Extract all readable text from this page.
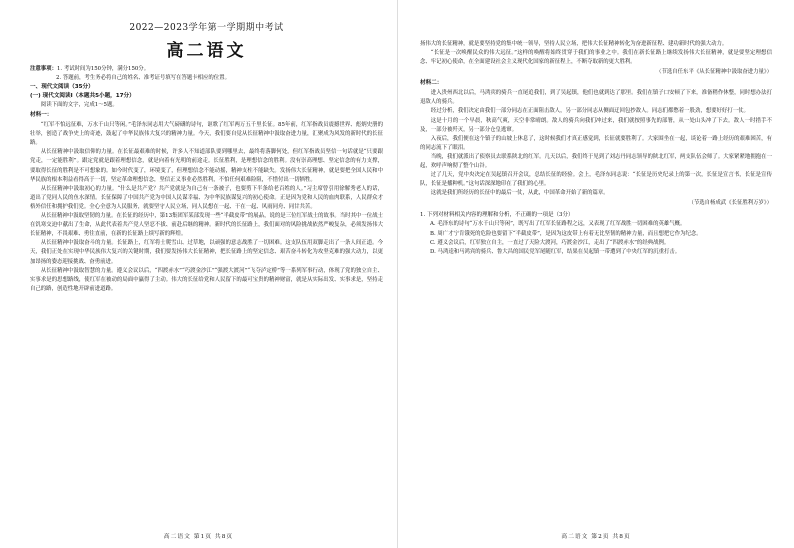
2022—2023学年第一学期期中考试
高二语文
注意事项：1. 考试时间为150分钟，满分150分。
2. 答题前，考生务必将自己的姓名、准考证号填写在答题卡相应的位置。
一、现代文阅读（35分）
(一) 现代文阅读Ⅰ（本题共5小题，17分）

阅读下面的文字，完成1～5题。

材料一：

“红军不怕远征难，万水千山只等闲。”毛泽东同志用大气磅礴的诗句，讴歌了红军两万五千里长征。85年前，红军指战员震撼世界、彪炳史册的壮举，创造了战争史上的奇迹，鼓起了中华民族伟大复兴的精神力量。今天，我们要自觉从长征精神中汲取奋进力量，汇聚成为风发的新时代的长征路。

从长征精神中汲取信仰的力量。在长征最艰难的时候，许多人不知道部队要到哪里去，最终将落脚何处，但红军指战员坚信一句话就是“只要跟党走，一定能胜利”。跟定党就是跟着理想信念，就是向着有光明的前途走。长征胜利，是理想信念的胜利。没有崇高理想、坚定信念的有力支撑，要取得长征的胜利是不可想象的。如今时代变了，环境变了，但理想信念不能动摇，精神支柱不能缺失。发扬伟大长征精神，就是要把全国人民和中华民族的根本利益看得高于一切，坚定革命理想信念，坚信正义事业必然胜利，不怕任何艰难险阻，不惜付出一切牺牲。

从长征精神中汲取初心的力量。“什么是共产党？共产党就是为自己有一条被子，也要剪下半条给老百姓的人。”习主席曾引用徐解秀老人的话，道出了党同人民的鱼水深情。长征保障了中国共产党为中国人民谋幸福、为中华民族谋复兴的初心使命。正是因为党和人民的血肉联系，人民群众才格外信任和拥护我们党。全心全意为人民服务，就要坚守人民立场，同人民想在一起、干在一起、风雨同舟、同甘共苦。

从长征精神中汲取坚韧的力量。在长征的经历中，第13集团军某部发现一些“半截皮带”的展品，说的是三位红军战士的故事。当时其中一位战士在饥寒交迫中献出了生命，从此代表着共产党人坚忍不拔、前赴后继的精神。新时代的长征路上，我们面对的风险挑战依然严峻复杂，必须发扬伟大长征精神，不畏艰难、勇往直前，在新的长征路上续写新的辉煌。

从长征精神中汲取奋斗的力量。长征路上，红军将士爬雪山、过草地，以顽强的意志战胜了一切困难。这支队伍用双脚走出了一条人间正道。今天，我们正处在实现中华民族伟大复兴的关键时期，我们要发扬伟大长征精神，把长征路上的坚定信念、艰苦奋斗转化为攻坚克难的强大动力，以更加昂扬的姿态迎接挑战、奋勇前进。

从长征精神中汲取智慧的力量。遵义会议以后，“四渡赤水”“巧渡金沙江”“强渡大渡河”“飞夺泸定桥”等一系列军事行动，体现了党的独立自主、实事求是的思想路线，使红军在被动的局面中赢得了主动。伟大的长征给党和人民留下的最可宝贵的精神财富，就是从实际出发、实事求是，坚持走自己的路，创造性地开辟前进道路。

高二语文 第1页 共8页

扬伟大的长征精神，就是要坚持党的集中统一领导，坚持人民立场，把伟大长征精神转化为奋进新征程、建功新时代的强大动力。

“长征是一次唤醒民众的伟大远征。”这样的唤醒将始终贯穿于我们的事业之中。我们在新长征路上继续发扬伟大长征精神，就是要坚定理想信念、牢记初心使命，在全面建设社会主义现代化国家的新征程上，不断夺取新的更大胜利。

（节选自任东平《从长征精神中汲取奋进力量》）
材料二：

进入贵州西北以后，马鸿宾的骑兵一直尾追我们，到了吴起镇，他们也就到达了那里。我们在镇子口安顿了下来，准备稍作休整，同时想办法打退敌人的骑兵。

经过分析，我们决定由我们一部分同志在正面阻击敌人，另一部分同志从侧面迂回包抄敌人。同志们都憋着一股劲，想要好好打一仗。

这是十月的一个早晨，秋高气爽，天空非常晴朗。敌人的骑兵向我们冲过来，我们就按照事先的部署，从一处山头冲了下去。敌人一时措手不及，一部分被歼灭，另一部分仓皇逃窜。

入夜后，我们便在这个镇子的山坡上休息了，这时候我们才真正感觉到，长征就要胜利了。大家围坐在一起，谈论着一路上经历的艰难困苦，有的同志流下了眼泪。

当晚，我们就派出了侦察员去联系陕北的红军。几天以后，我们终于见到了刘志丹同志领导的陕北红军，两支队伍会师了。大家紧紧地拥抱在一起，欢呼声响彻了整个山谷。

过了几天，党中央决定在吴起镇召开会议，总结长征的经验。会上，毛泽东同志说：“长征是历史纪录上的第一次，长征是宣言书，长征是宣传队，长征是播种机。”这句话深深地印在了我们的心里。

这就是我们所经历的长征中的最后一仗，从此，中国革命开始了新的篇章。

（节选自杨成武《长征胜利万岁》）
1. 下列对材料相关内容的理解和分析，不正确的一项是（3分）

A. 毛泽东的诗句“万水千山只等闲”，既写出了红军长征路程之远，又表现了红军战胜一切困难的英雄气概。

B. 周广才宁肯饿死的危险也要留下“半截皮带”，是因为这皮带上有着无比坚韧的精神力量，而且想把它作为纪念。

C. 遵义会议后，红军独立自主，一直过了天险大渡河，巧渡金沙江，走出了“四渡赤水”的经典战例。

D. 马鸿逵和马鸿宾的骑兵、鲁大昌的国民党军尾随红军，结果在吴起镇一带遭到了中央红军的沉重打击。

高二语文 第2页 共8页
